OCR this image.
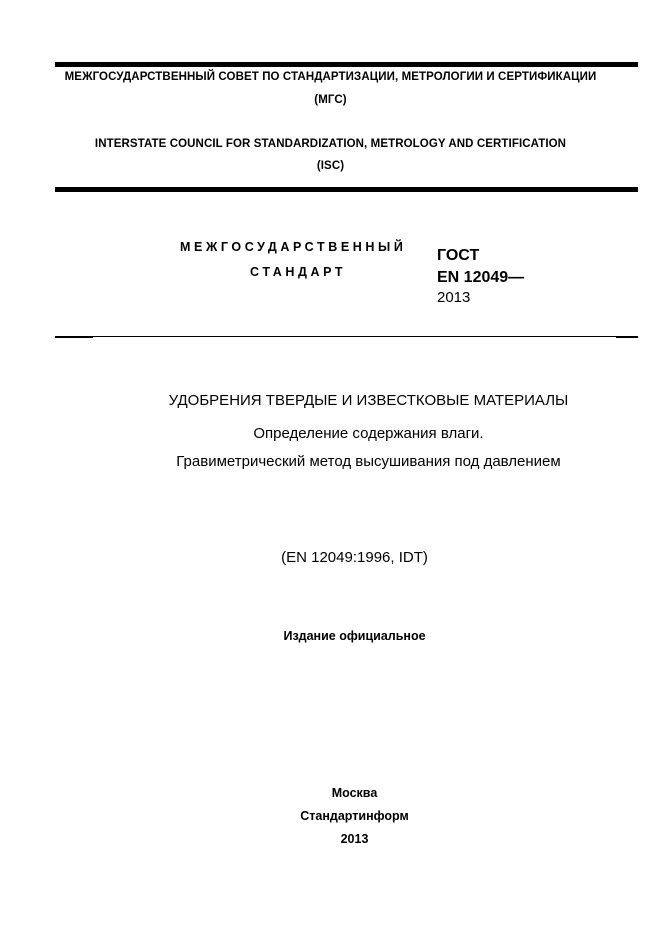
МЕЖГОСУДАРСТВЕННЫЙ СОВЕТ ПО СТАНДАРТИЗАЦИИ, МЕТРОЛОГИИ И СЕРТИФИКАЦИИ
(МГС)
INTERSTATE COUNCIL FOR STANDARDIZATION, METROLOGY AND CERTIFICATION
(ISC)
МЕЖГОСУДАРСТВЕННЫЙ
СТАНДАРТ
ГОСТ
EN 12049—
2013
УДОБРЕНИЯ ТВЕРДЫЕ И ИЗВЕСТКОВЫЕ МАТЕРИАЛЫ
Определение содержания влаги.
Гравиметрический метод высушивания под давлением
(EN 12049:1996, IDT)
Издание официальное
Москва
Стандартинформ
2013
